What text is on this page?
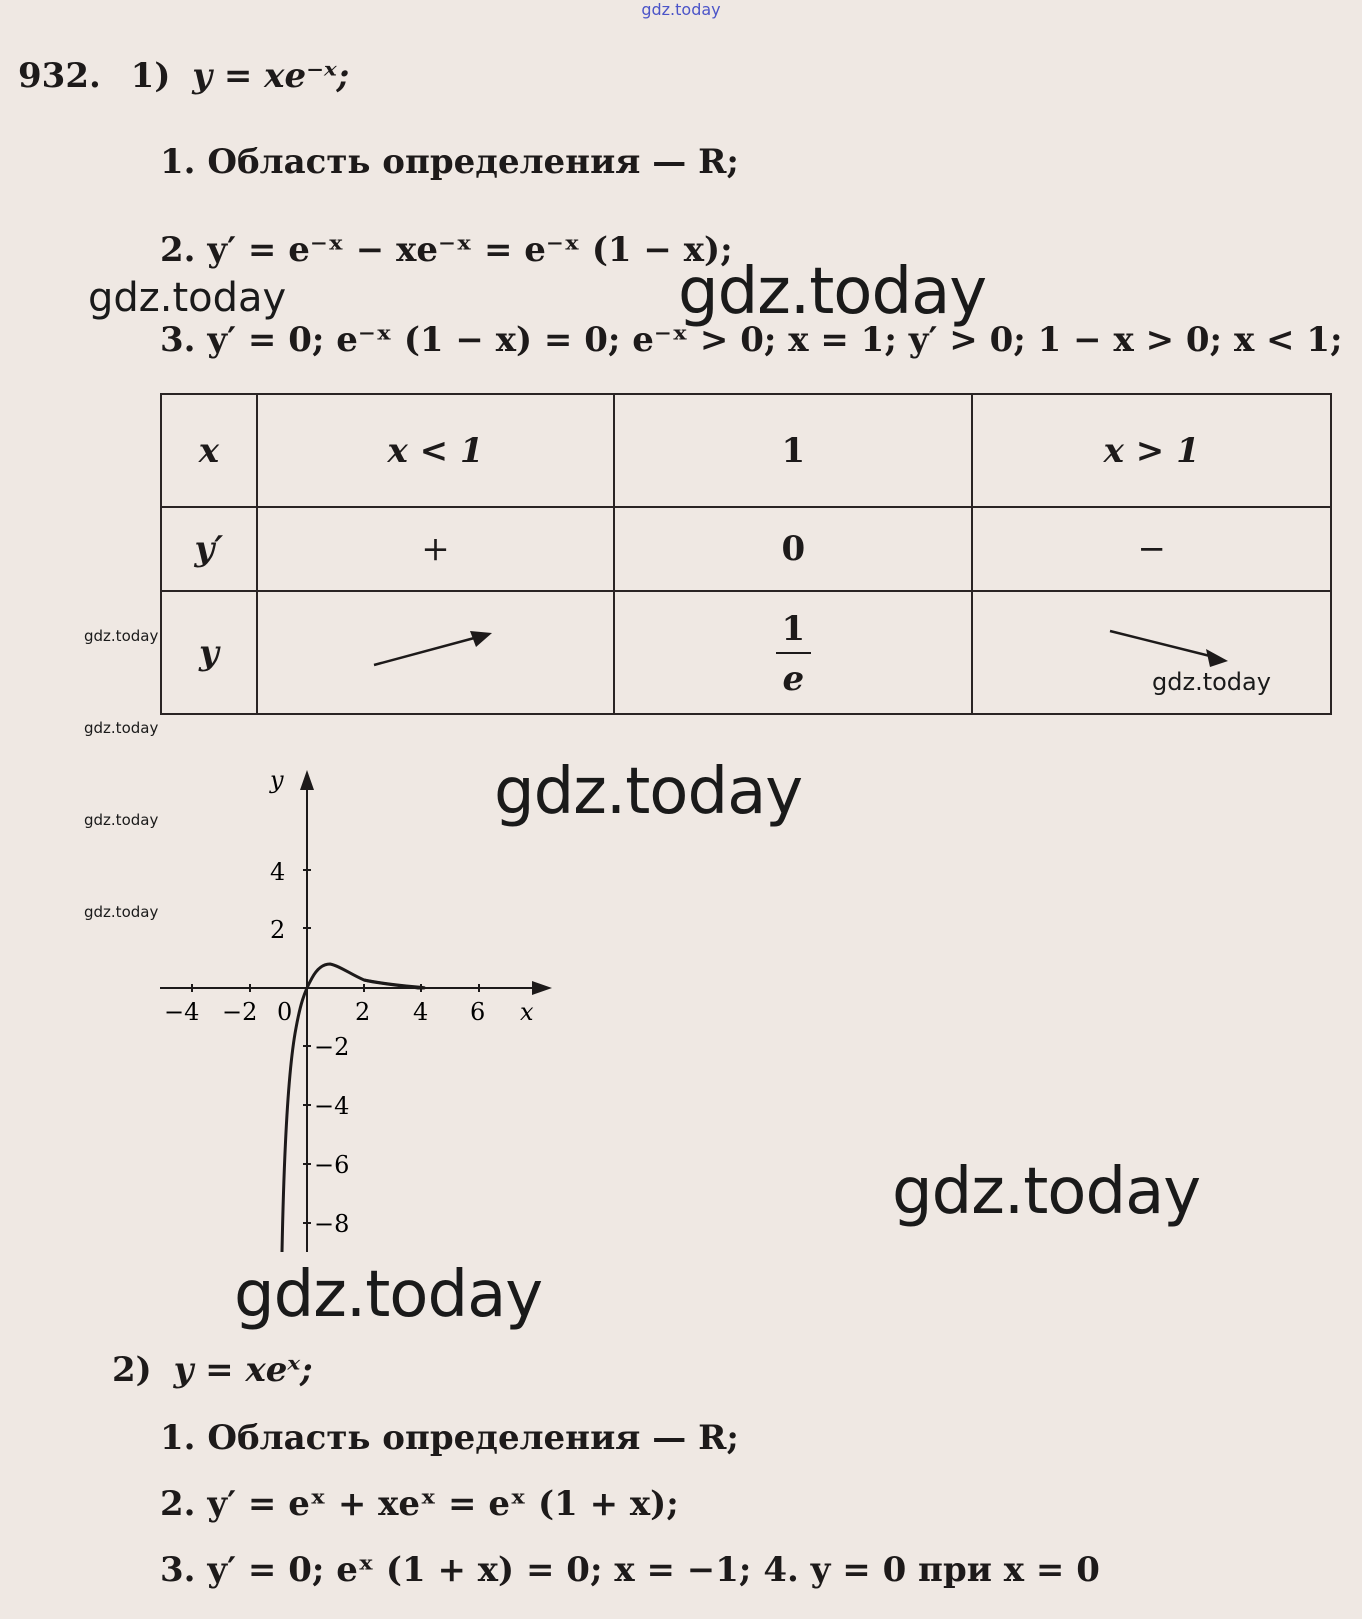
gdz.today
932. 1) y = xe⁻ˣ;
1. Область определения — R;
2. y′ = e⁻ˣ − xe⁻ˣ = e⁻ˣ (1 − x);
3. y′ = 0; e⁻ˣ (1 − x) = 0; e⁻ˣ > 0; x = 1; y′ > 0; 1 − x > 0; x < 1;
x	x < 1	1	x > 1
y′	+	0	−
y		$\frac{1}{e}$

y
x
4
2
−4 −2 0	2 4 6
−2
−4
−6
−8
2) y = xeˣ;
1. Область определения — R;
2. y′ = eˣ + xeˣ = eˣ (1 + x);
3. y′ = 0; eˣ (1 + x) = 0; x = −1; 4. y = 0 при x = 0
gdz.today	gdz.today
gdz.today
gdz.today
gdz.today
gdz.today
gdz.today
gdz.today
gdz.today
gdz.today
